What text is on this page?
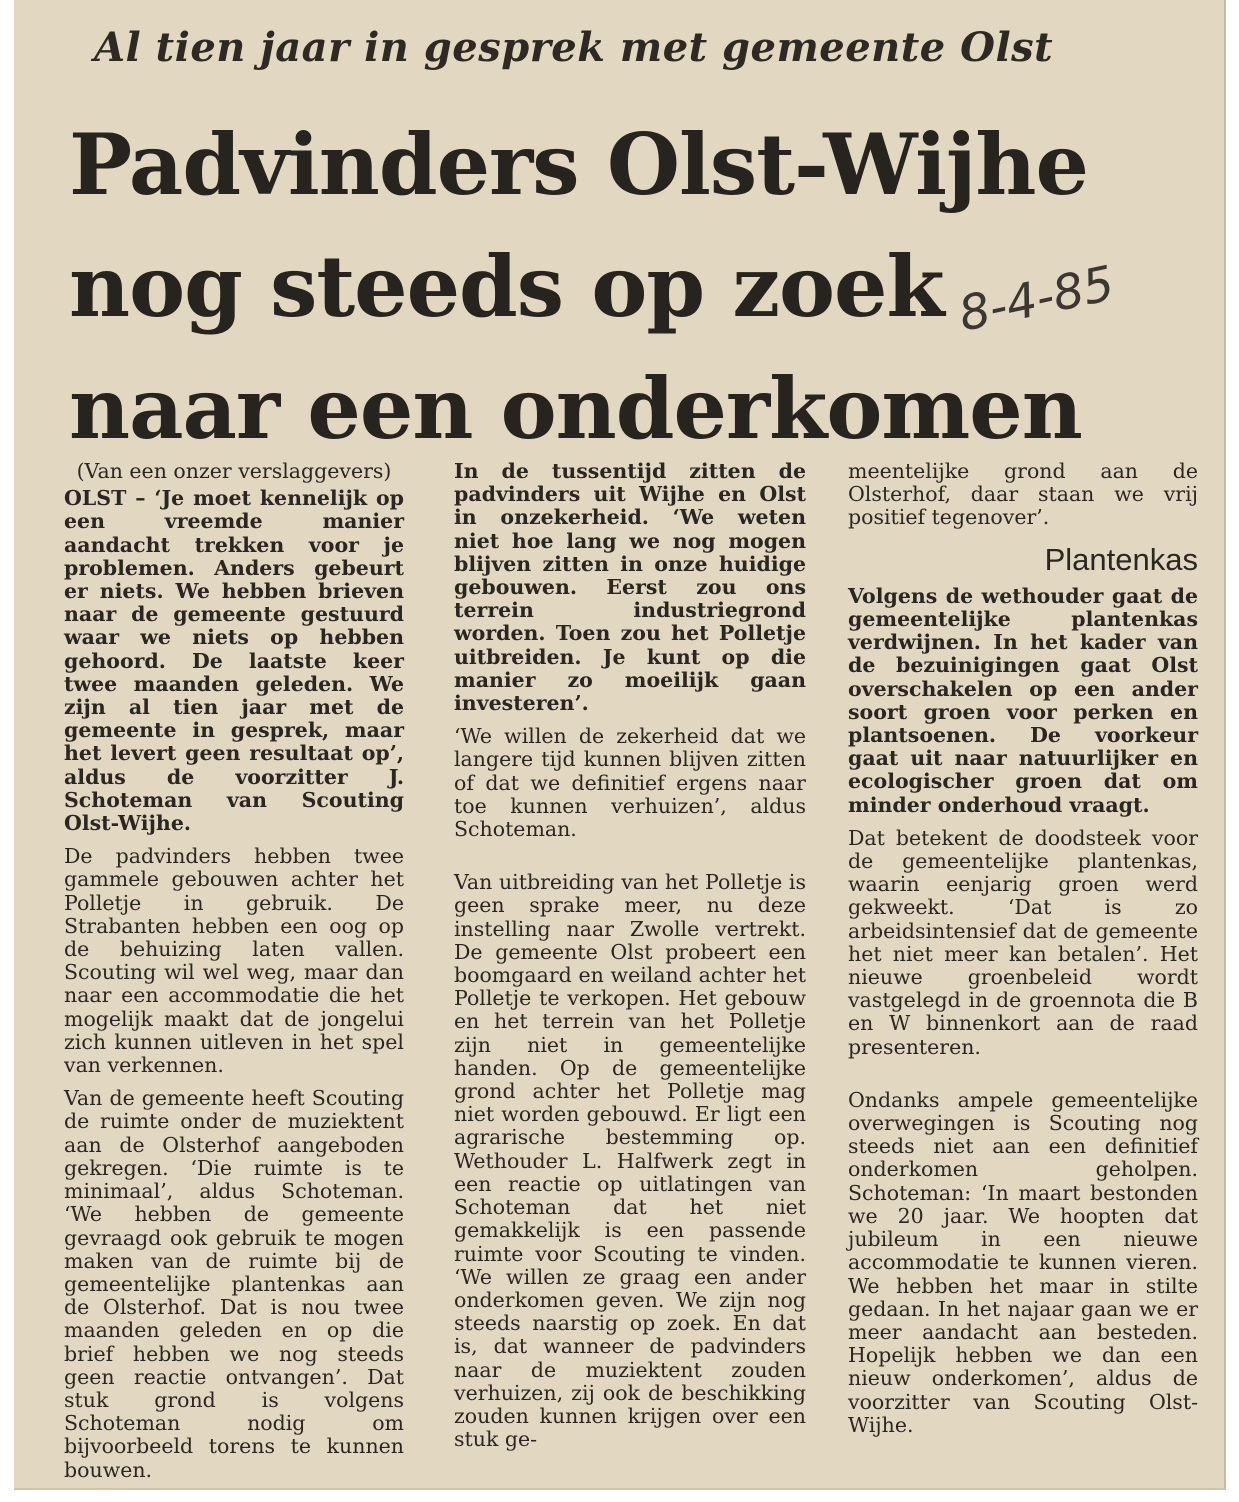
Al tien jaar in gesprek met gemeente Olst
Padvinders Olst-Wijhe
nog steeds op zoek
naar een onderkomen
8-4-85

(Van een onzer verslaggevers)

OLST – ‘Je moet kennelijk op een vreemde manier aandacht trekken voor je problemen. Anders gebeurt er niets. We hebben brieven naar de gemeente gestuurd waar we niets op hebben gehoord. De laatste keer twee maanden geleden. We zijn al tien jaar met de gemeente in gesprek, maar het levert geen resultaat op’, aldus de voorzitter J. Schoteman van Scouting Olst-Wijhe.

De padvinders hebben twee gammele gebouwen achter het Polletje in gebruik. De Strabanten hebben een oog op de behuizing laten vallen. Scouting wil wel weg, maar dan naar een accommodatie die het mogelijk maakt dat de jongelui zich kunnen uitleven in het spel van verkennen.

Van de gemeente heeft Scouting de ruimte onder de muziektent aan de Olsterhof aangeboden gekregen. ‘Die ruimte is te minimaal’, aldus Schoteman. ‘We hebben de gemeente gevraagd ook gebruik te mogen maken van de ruimte bij de gemeentelijke plantenkas aan de Olsterhof. Dat is nou twee maanden geleden en op die brief hebben we nog steeds geen reactie ontvangen’. Dat stuk grond is volgens Schoteman nodig om bijvoorbeeld torens te kunnen bouwen.

In de tussentijd zitten de padvinders uit Wijhe en Olst in onzekerheid. ‘We weten niet hoe lang we nog mogen blijven zitten in onze huidige gebouwen. Eerst zou ons terrein industriegrond worden. Toen zou het Polletje uitbreiden. Je kunt op die manier zo moeilijk gaan investeren’.

‘We willen de zekerheid dat we langere tijd kunnen blijven zitten of dat we definitief ergens naar toe kunnen verhuizen’, aldus Schoteman.

Van uitbreiding van het Polletje is geen sprake meer, nu deze instelling naar Zwolle vertrekt. De gemeente Olst probeert een boomgaard en weiland achter het Polletje te verkopen. Het gebouw en het terrein van het Polletje zijn niet in gemeentelijke handen. Op de gemeentelijke grond achter het Polletje mag niet worden gebouwd. Er ligt een agrarische bestemming op. Wethouder L. Halfwerk zegt in een reactie op uitlatingen van Schoteman dat het niet gemakkelijk is een passende ruimte voor Scouting te vinden. ‘We willen ze graag een ander onderkomen geven. We zijn nog steeds naarstig op zoek. En dat is, dat wanneer de padvinders naar de muziektent zouden verhuizen, zij ook de beschikking zouden kunnen krijgen over een stuk ge-

meentelijke grond aan de Olsterhof, daar staan we vrij positief tegenover’.

Plantenkas

Volgens de wethouder gaat de gemeentelijke plantenkas verdwijnen. In het kader van de bezuinigingen gaat Olst overschakelen op een ander soort groen voor perken en plantsoenen. De voorkeur gaat uit naar natuurlijker en ecologischer groen dat om minder onderhoud vraagt.

Dat betekent de doodsteek voor de gemeentelijke plantenkas, waarin eenjarig groen werd gekweekt. ‘Dat is zo arbeidsintensief dat de gemeente het niet meer kan betalen’. Het nieuwe groenbeleid wordt vastgelegd in de groennota die B en W binnenkort aan de raad presenteren.

Ondanks ampele gemeentelijke overwegingen is Scouting nog steeds niet aan een definitief onderkomen geholpen. Schoteman: ‘In maart bestonden we 20 jaar. We hoopten dat jubileum in een nieuwe accommodatie te kunnen vieren. We hebben het maar in stilte gedaan. In het najaar gaan we er meer aandacht aan besteden. Hopelijk hebben we dan een nieuw onderkomen’, aldus de voorzitter van Scouting Olst-Wijhe.
